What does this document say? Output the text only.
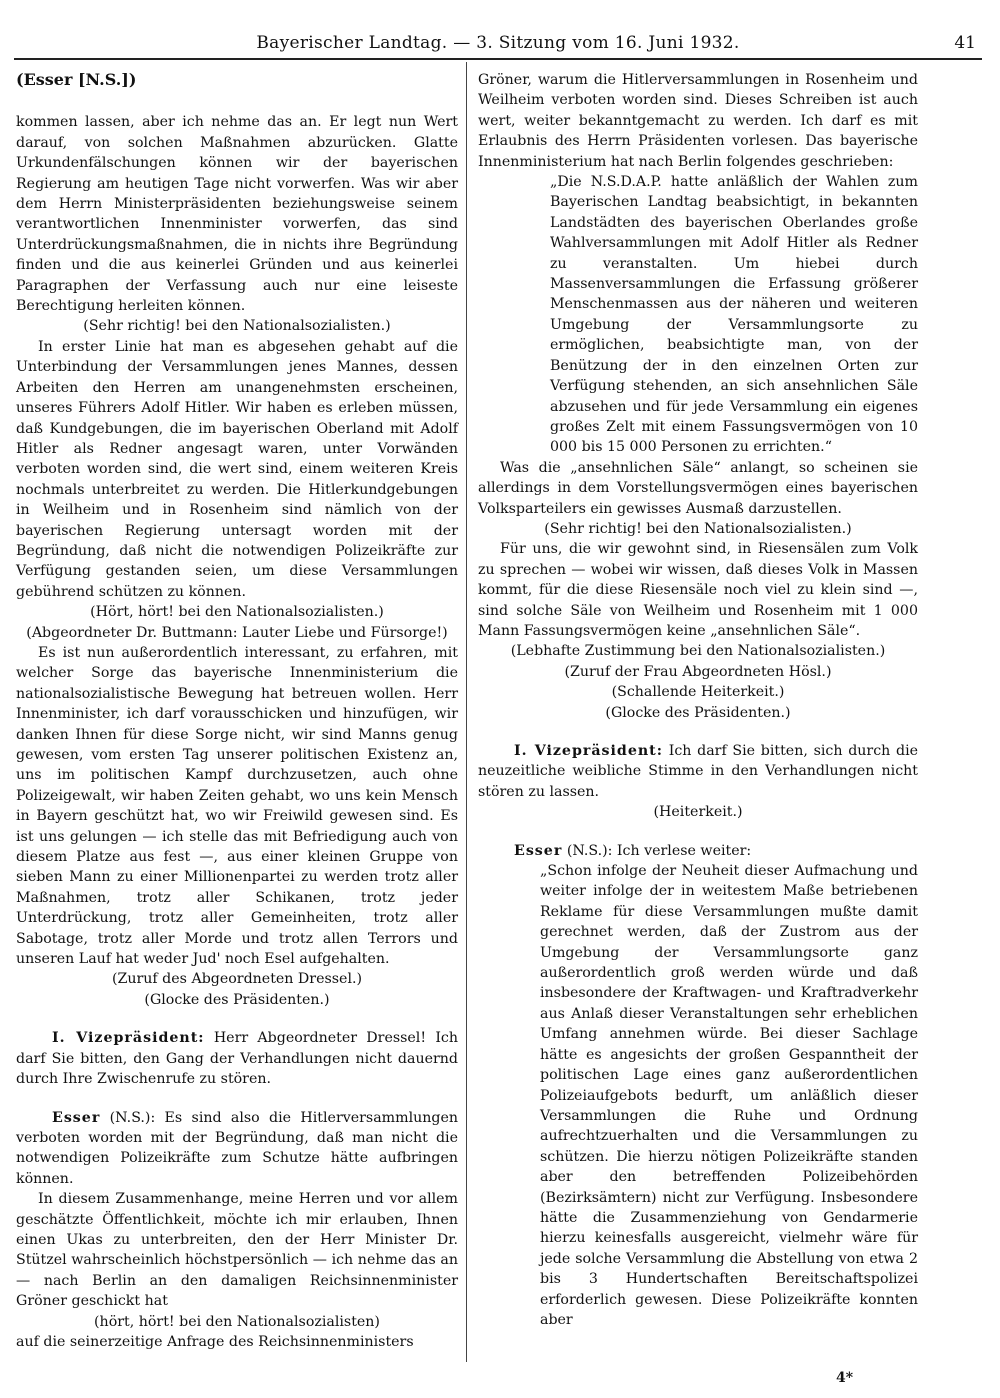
Bayerischer Landtag. — 3. Sitzung vom 16. Juni 1932.	41

(Esser [N.S.])

kommen lassen, aber ich nehme das an. Er legt nun Wert darauf, von solchen Maßnahmen abzurücken. Glatte Urkundenfälschungen können wir der bayerischen Regierung am heutigen Tage nicht vorwerfen. Was wir aber dem Herrn Ministerpräsidenten beziehungsweise seinem verantwortlichen Innenminister vorwerfen, das sind Unterdrückungsmaßnahmen, die in nichts ihre Begründung finden und die aus keinerlei Gründen und aus keinerlei Paragraphen der Verfassung auch nur eine leiseste Berechtigung herleiten können.

(Sehr richtig! bei den Nationalsozialisten.)

In erster Linie hat man es abgesehen gehabt auf die Unterbindung der Versammlungen jenes Mannes, dessen Arbeiten den Herren am unangenehmsten erscheinen, unseres Führers Adolf Hitler. Wir haben es erleben müssen, daß Kundgebungen, die im bayerischen Oberland mit Adolf Hitler als Redner angesagt waren, unter Vorwänden verboten worden sind, die wert sind, einem weiteren Kreis nochmals unterbreitet zu werden. Die Hitlerkundgebungen in Weilheim und in Rosenheim sind nämlich von der bayerischen Regierung untersagt worden mit der Begründung, daß nicht die notwendigen Polizeikräfte zur Verfügung gestanden seien, um diese Versammlungen gebührend schützen zu können.

(Hört, hört! bei den Nationalsozialisten.)

(Abgeordneter Dr. Buttmann: Lauter Liebe und Fürsorge!)

Es ist nun außerordentlich interessant, zu erfahren, mit welcher Sorge das bayerische Innenministerium die nationalsozialistische Bewegung hat betreuen wollen. Herr Innenminister, ich darf vorausschicken und hinzufügen, wir danken Ihnen für diese Sorge nicht, wir sind Manns genug gewesen, vom ersten Tag unserer politischen Existenz an, uns im politischen Kampf durchzusetzen, auch ohne Polizeigewalt, wir haben Zeiten gehabt, wo uns kein Mensch in Bayern geschützt hat, wo wir Freiwild gewesen sind. Es ist uns gelungen — ich stelle das mit Befriedigung auch von diesem Platze aus fest —, aus einer kleinen Gruppe von sieben Mann zu einer Millionenpartei zu werden trotz aller Maßnahmen, trotz aller Schikanen, trotz jeder Unterdrückung, trotz aller Gemeinheiten, trotz aller Sabotage, trotz aller Morde und trotz allen Terrors und unseren Lauf hat weder Jud' noch Esel aufgehalten.

(Zuruf des Abgeordneten Dressel.)

(Glocke des Präsidenten.)

I. Vizepräsident: Herr Abgeordneter Dressel! Ich darf Sie bitten, den Gang der Verhandlungen nicht dauernd durch Ihre Zwischenrufe zu stören.

Esser (N.S.): Es sind also die Hitlerversammlungen verboten worden mit der Begründung, daß man nicht die notwendigen Polizeikräfte zum Schutze hätte aufbringen können.

In diesem Zusammenhange, meine Herren und vor allem geschätzte Öffentlichkeit, möchte ich mir erlauben, Ihnen einen Ukas zu unterbreiten, den der Herr Minister Dr. Stützel wahrscheinlich höchstpersönlich — ich nehme das an — nach Berlin an den damaligen Reichsinnenminister Gröner geschickt hat

(hört, hört! bei den Nationalsozialisten)

auf die seinerzeitige Anfrage des Reichsinnenministers

Gröner, warum die Hitlerversammlungen in Rosenheim und Weilheim verboten worden sind. Dieses Schreiben ist auch wert, weiter bekanntgemacht zu werden. Ich darf es mit Erlaubnis des Herrn Präsidenten vorlesen. Das bayerische Innenministerium hat nach Berlin folgendes geschrieben:

„Die N.S.D.A.P. hatte anläßlich der Wahlen zum Bayerischen Landtag beabsichtigt, in bekannten Landstädten des bayerischen Oberlandes große Wahlversammlungen mit Adolf Hitler als Redner zu veranstalten. Um hiebei durch Massenversammlungen die Erfassung größerer Menschenmassen aus der näheren und weiteren Umgebung der Versammlungsorte zu ermöglichen, beabsichtigte man, von der Benützung der in den einzelnen Orten zur Verfügung stehenden, an sich ansehnlichen Säle abzusehen und für jede Versammlung ein eigenes großes Zelt mit einem Fassungsvermögen von 10 000 bis 15 000 Personen zu errichten.“

Was die „ansehnlichen Säle“ anlangt, so scheinen sie allerdings in dem Vorstellungsvermögen eines bayerischen Volksparteilers ein gewisses Ausmaß darzustellen.

(Sehr richtig! bei den Nationalsozialisten.)

Für uns, die wir gewohnt sind, in Riesensälen zum Volk zu sprechen — wobei wir wissen, daß dieses Volk in Massen kommt, für die diese Riesensäle noch viel zu klein sind —, sind solche Säle von Weilheim und Rosenheim mit 1 000 Mann Fassungsvermögen keine „ansehnlichen Säle“.

(Lebhafte Zustimmung bei den Nationalsozialisten.)

(Zuruf der Frau Abgeordneten Hösl.)

(Schallende Heiterkeit.)

(Glocke des Präsidenten.)

I. Vizepräsident: Ich darf Sie bitten, sich durch die neuzeitliche weibliche Stimme in den Verhandlungen nicht stören zu lassen.

(Heiterkeit.)

Esser (N.S.): Ich verlese weiter:

„Schon infolge der Neuheit dieser Aufmachung und weiter infolge der in weitestem Maße betriebenen Reklame für diese Versammlungen mußte damit gerechnet werden, daß der Zustrom aus der Umgebung der Versammlungsorte ganz außerordentlich groß werden würde und daß insbesondere der Kraftwagen- und Kraftradverkehr aus Anlaß dieser Veranstaltungen sehr erheblichen Umfang annehmen würde. Bei dieser Sachlage hätte es angesichts der großen Gespanntheit der politischen Lage eines ganz außerordentlichen Polizeiaufgebots bedurft, um anläßlich dieser Versammlungen die Ruhe und Ordnung aufrechtzuerhalten und die Versammlungen zu schützen. Die hierzu nötigen Polizeikräfte standen aber den betreffenden Polizeibehörden (Bezirksämtern) nicht zur Verfügung. Insbesondere hätte die Zusammenziehung von Gendarmerie hierzu keinesfalls ausgereicht, vielmehr wäre für jede solche Versammlung die Abstellung von etwa 2 bis 3 Hundertschaften Bereitschaftspolizei erforderlich gewesen. Diese Polizeikräfte konnten aber

4*
